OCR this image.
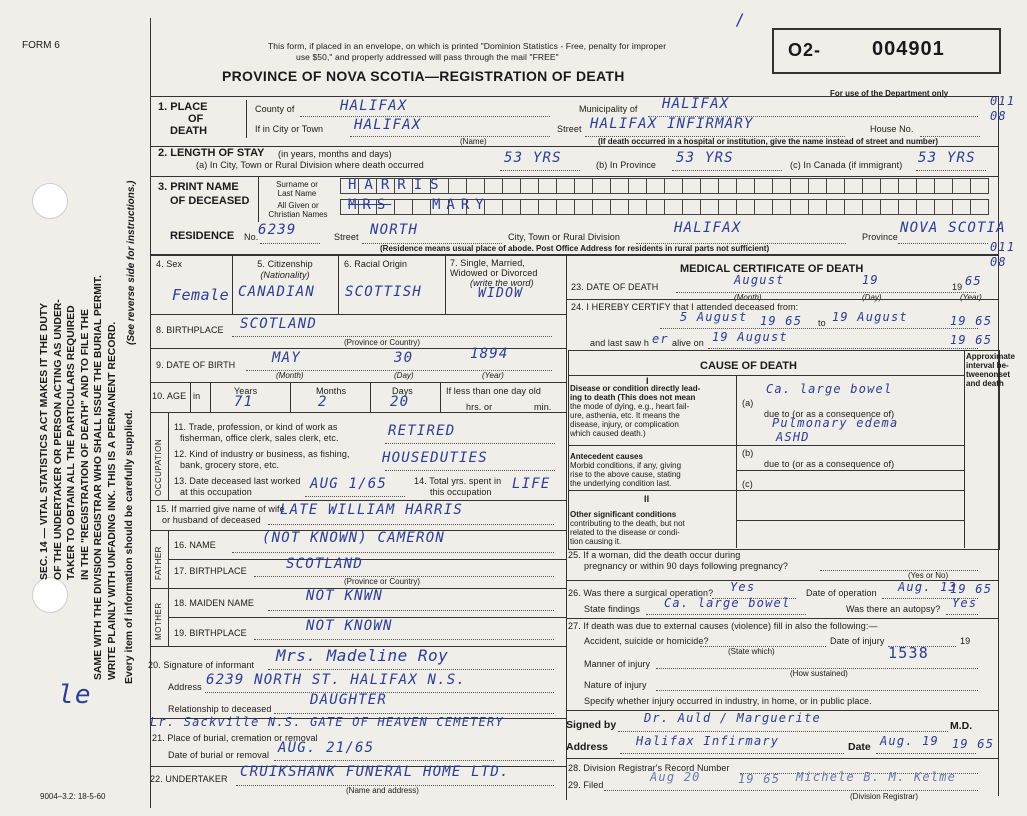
SEC. 14 — VITAL STATISTICS ACT MAKES IT THE DUTY OF THE UNDERTAKER OR PERSON ACTING AS UNDER- TAKER TO OBTAIN ALL THE PARTICULARS REQUIRED IN THE "REGISTRATION OF DEATH" AND TO FILE THE SAME WITH THE DIVISION REGISTRAR WHO SHALL ISSUE THE BURIAL PERMIT. WRITE PLAINLY WITH UNFADING INK. THIS IS A PERMANENT RECORD. Every item of information should be carefully supplied.
(See reverse side for instructions.)
le
FORM 6	This form, if placed in an envelope, on which is printed "Dominion Statistics - Free, penalty for improper
use $50," and properly addressed will pass through the mail "FREE"
PROVINCE OF NOVA SCOTIA—REGISTRATION OF DEATH
/
O2-	004901
For use of the Department only
011 08
011 08
1. PLACE
OF
DEATH
County of	HALIFAX	Municipality of HALIFAX
If in City or Town HALIFAX
(Name)
Street HALIFAX INFIRMARY	House No.
(If death occurred in a hospital or institution, give the name instead of street and number)
2. LENGTH OF STAY (in years, months and days)
(a) In City, Town or Rural Division where death occurred	53 YRS	(b) In Province 53 YRS	(c) In Canada (if immigrant) 53 YRS
3. PRINT NAME
OF DECEASED
Surname or
Last Name
All Given or
Christian Names
HARRIS
MRS	MARY
RESIDENCE No. 6239	Street NORTH	City, Town or Rural Division
HALIFAX
Province
NOVA SCOTIA
(Residence means usual place of abode. Post Office Address for residents in rural parts not sufficient)
4. Sex	5. Citizenship
(Nationality)
6. Racial Origin	7. Single, Married,
Widowed or Divorced
(write the word)
Female CANADIAN SCOTTISH	WIDOW
8. BIRTHPLACE SCOTLAND
(Province or Country)
9. DATE OF BIRTH	MAY	30	1894
(Month)	(Day)	(Year)
10. AGE in	Years
71
Months
2
Days
20
If less than one day old
hrs. or	min.
OCCUPATION
11. Trade, profession, or kind of work as
fisherman, office clerk, sales clerk, etc.	RETIRED
12. Kind of industry or business, as fishing,
bank, grocery store, etc.	HOUSEDUTIES
13. Date deceased last worked
at this occupation	AUG 1/65	14. Total yrs. spent in
this occupation LIFE
15. If married give name of wife
or husband of deceased
LATE WILLIAM HARRIS
FATHER
16. NAME	(NOT KNOWN) CAMERON
17. BIRTHPLACE	SCOTLAND
(Province or Country)
MOTHER 18. MAIDEN NAME	NOT KNWN
19. BIRTHPLACE	NOT KNOWN
20. Signature of informant Mrs. Madeline Roy
Address 6239 NORTH ST. HALIFAX N.S.
Relationship to deceased
DAUGHTER
21. Place of burial, cremation or removal
Lr. Sackville N.S. GATE OF HEAVEN CEMETERY
Date of burial or removal AUG. 21/65
22. UNDERTAKER CRUIKSHANK FUNERAL HOME LTD.
(Name and address)
9004–3.2: 18-5-60
MEDICAL CERTIFICATE OF DEATH
23. DATE OF DEATH	August	19	19 65
(Month)	(Day)	(Year)
24. I HEREBY CERTIFY that I attended deceased from:
5 August 19 65 to 19 August	19 65
and last saw h er alive on 19 August	19 65
CAUSE OF DEATH
Approximate
interval be-
tweenonset
and death
I
Disease or condition directly lead-
ing to death (This does not mean
the mode of dying, e.g., heart fail-
ure, asthenia, etc. It means the
disease, injury, or complication
which caused death.)
(a)
Ca. large bowel
due to (or as a consequence of)
Pulmonary edema
ASHD
Antecedent causes
Morbid conditions, if any, giving
rise to the above cause, stating
the underlying condition last.
(b)
due to (or as a consequence of)
(c)
II
Other significant conditions
contributing to the death, but not
related to the disease or condi-
tion causing it.
25. If a woman, did the death occur during
pregnancy or within 90 days following pregnancy?
(Yes or No)
26. Was there a surgical operation? Yes	Date of operation Aug. 13
19 65
State findings Ca. large bowel	Was there an autopsy? Yes
27. If death was due to external causes (violence) fill in also the following:—
Accident, suicide or homicide?	Date of injury	19
(State which)
Manner of injury
1538
(How sustained)
Nature of injury
Specify whether injury occurred in industry, in home, or in public place.
Signed by Dr. Auld / Marguerite
M.D.
Address Halifax Infirmary	Date Aug. 19 19 65
28. Division Registrar's Record Number
29. Filed
Aug 20	19 65 Michele B. M. Kelme
(Division Registrar)
